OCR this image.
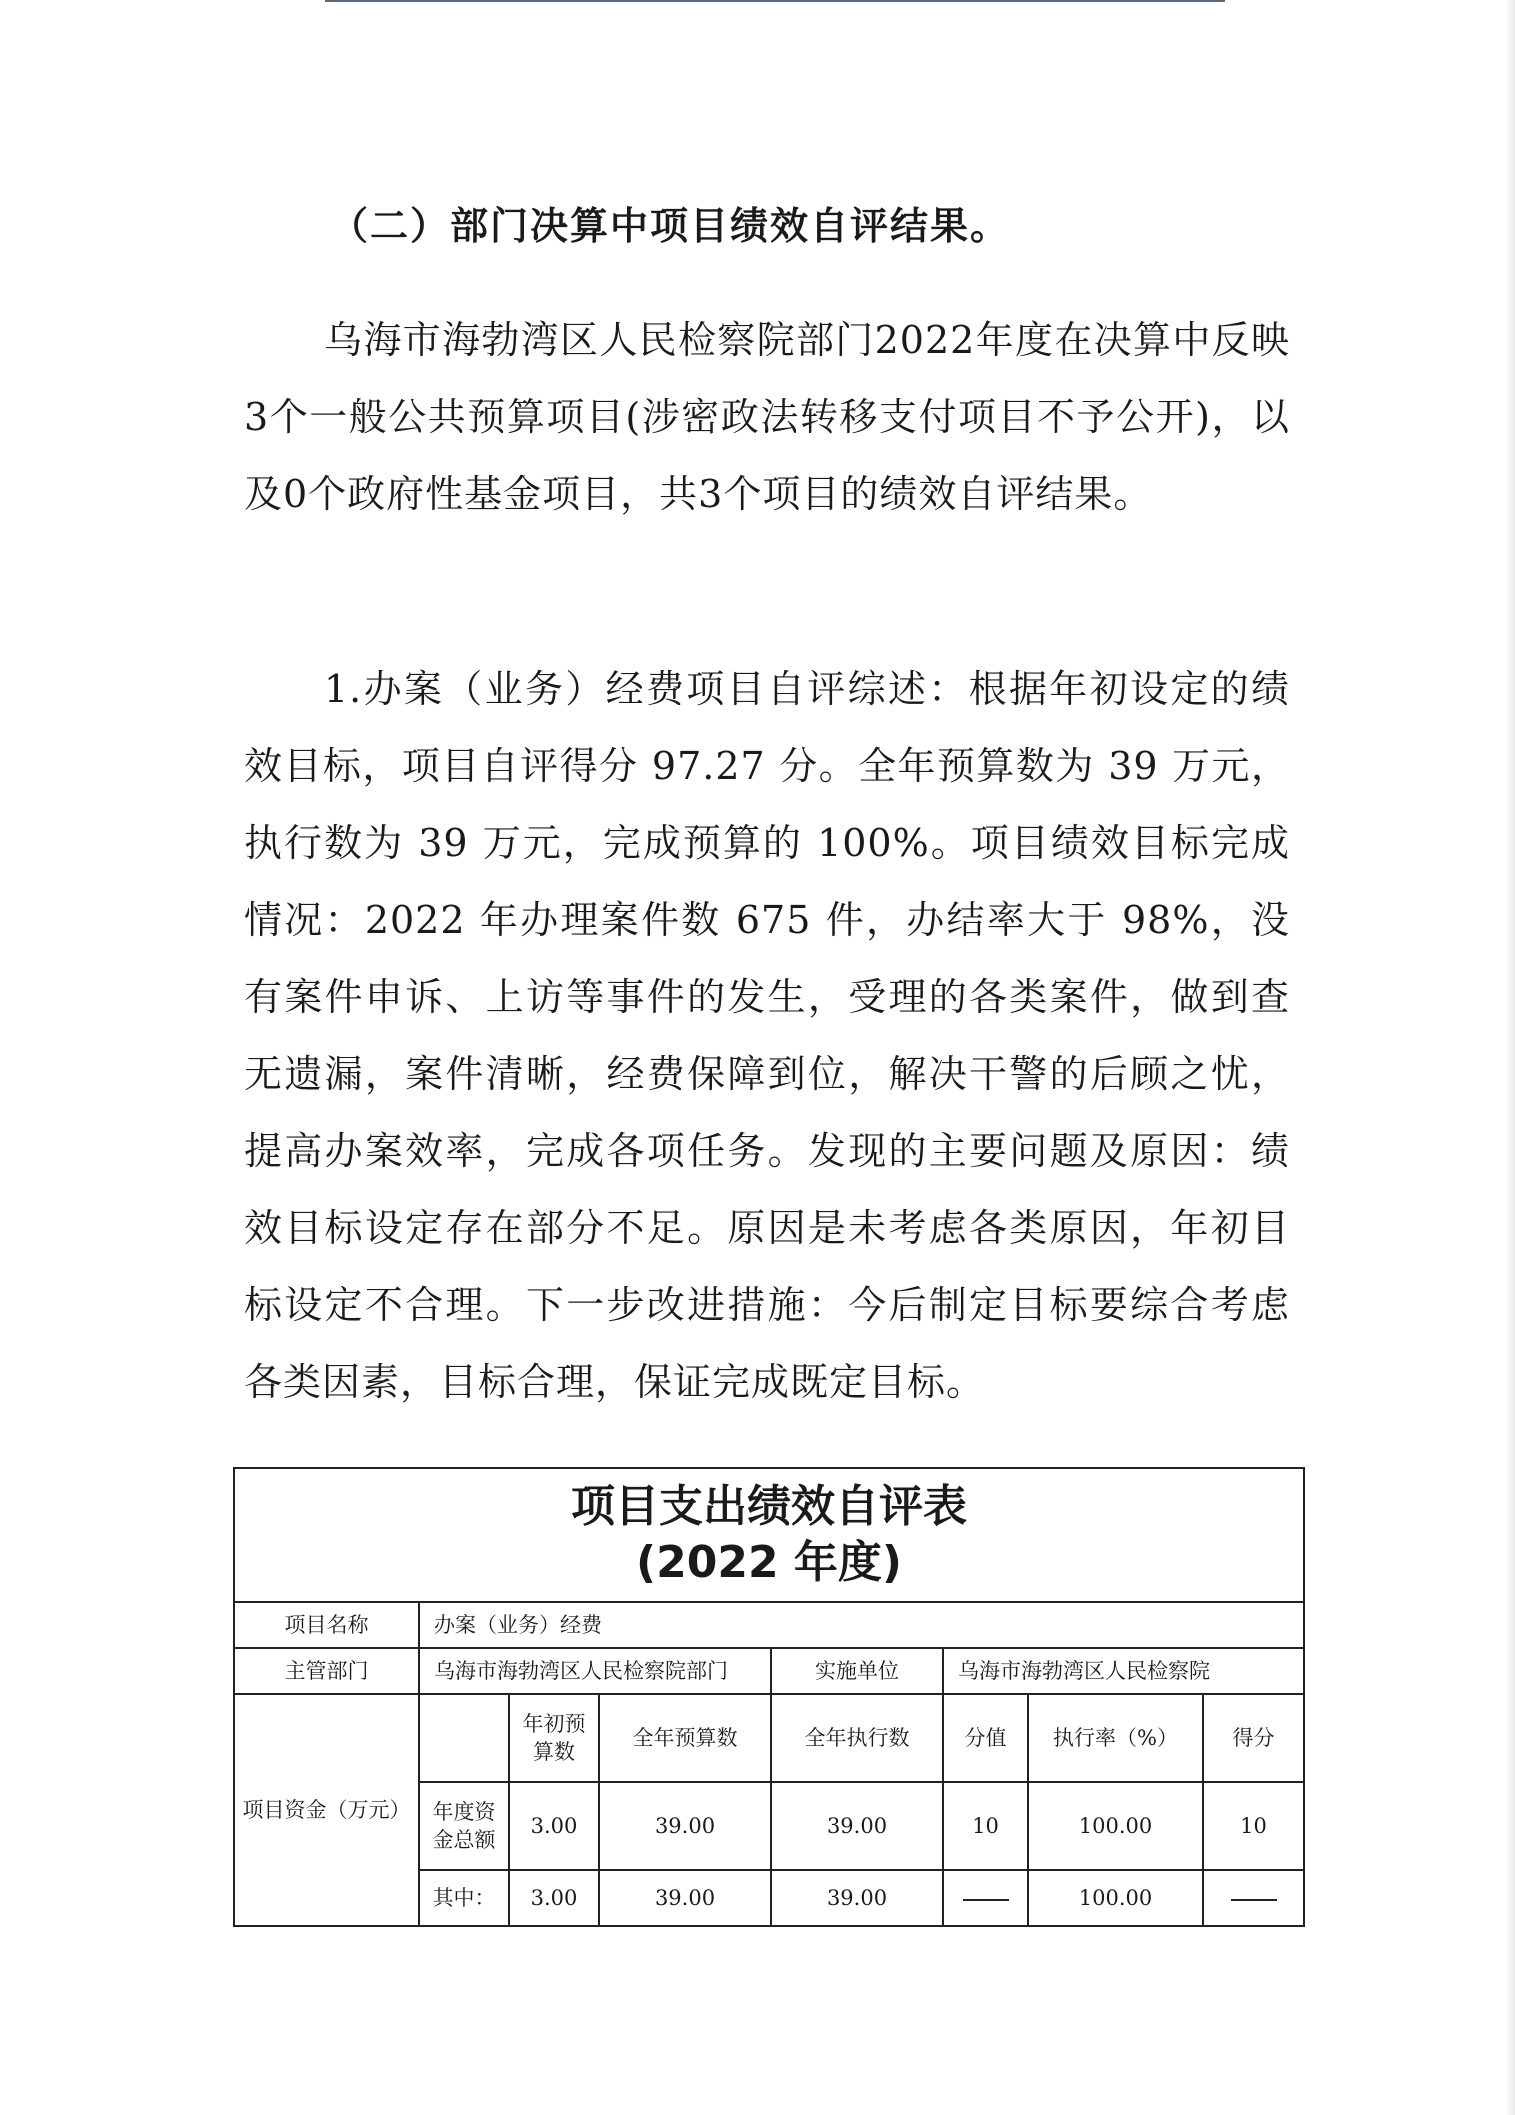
（二）部门决算中项目绩效自评结果。

乌海市海勃湾区人民检察院部门2022年度在决算中反映3个一般公共预算项目(涉密政法转移支付项目不予公开)，以及0个政府性基金项目，共3个项目的绩效自评结果。

1.办案（业务）经费项目自评综述：根据年初设定的绩效目标，项目自评得分 97.27 分。全年预算数为 39 万元，执行数为 39 万元，完成预算的 100%。项目绩效目标完成情况：2022 年办理案件数 675 件，办结率大于 98%，没有案件申诉、上访等事件的发生，受理的各类案件，做到查无遗漏，案件清晰，经费保障到位，解决干警的后顾之忧，提高办案效率，完成各项任务。发现的主要问题及原因：绩效目标设定存在部分不足。原因是未考虑各类原因，年初目标设定不合理。下一步改进措施：今后制定目标要综合考虑各类因素，目标合理，保证完成既定目标。

项目支出绩效自评表
(2022 年度)							

项目名称	办案（业务）经费						
主管部门	乌海市海勃湾区人民检察院部门			实施单位	乌海市海勃湾区人民检察院		
项目资金（万元）		年初预算数	全年预算数	全年执行数	分值	执行率（%）	得分
	年度资金总额	3.00	39.00	39.00	10	100.00	10
	其中：	3.00	39.00	39.00		100.00	
